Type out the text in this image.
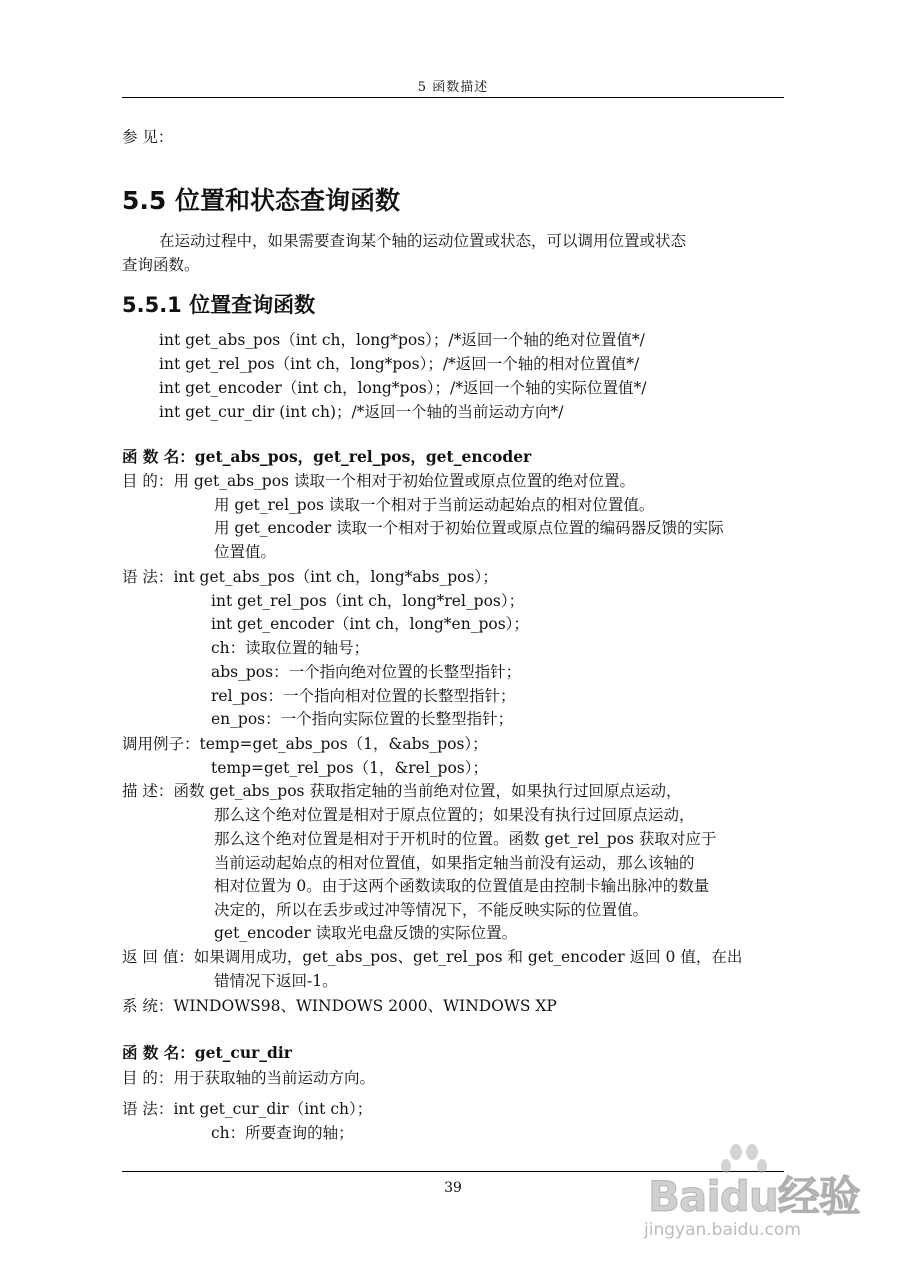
5 函数描述
参 见：
5.5 位置和状态查询函数
在运动过程中，如果需要查询某个轴的运动位置或状态，可以调用位置或状态
查询函数。
5.5.1 位置查询函数
int get_abs_pos（int ch，long*pos）；/*返回一个轴的绝对位置值*/
int get_rel_pos（int ch，long*pos）；/*返回一个轴的相对位置值*/
int get_encoder（int ch，long*pos）；/*返回一个轴的实际位置值*/
int get_cur_dir (int ch)；/*返回一个轴的当前运动方向*/
函 数 名：get_abs_pos，get_rel_pos，get_encoder
目 的：用 get_abs_pos 读取一个相对于初始位置或原点位置的绝对位置。
用 get_rel_pos 读取一个相对于当前运动起始点的相对位置值。
用 get_encoder 读取一个相对于初始位置或原点位置的编码器反馈的实际
位置值。
语 法：int get_abs_pos（int ch，long*abs_pos）；
int get_rel_pos（int ch，long*rel_pos）；
int get_encoder（int ch，long*en_pos）；
ch：读取位置的轴号；
abs_pos：一个指向绝对位置的长整型指针；
rel_pos：一个指向相对位置的长整型指针；
en_pos：一个指向实际位置的长整型指针；
调用例子：temp=get_abs_pos（1，&abs_pos）；
temp=get_rel_pos（1，&rel_pos）；
描 述：函数 get_abs_pos 获取指定轴的当前绝对位置，如果执行过回原点运动，
那么这个绝对位置是相对于原点位置的；如果没有执行过回原点运动，
那么这个绝对位置是相对于开机时的位置。函数 get_rel_pos 获取对应于
当前运动起始点的相对位置值，如果指定轴当前没有运动，那么该轴的
相对位置为 0。由于这两个函数读取的位置值是由控制卡输出脉冲的数量
决定的，所以在丢步或过冲等情况下，不能反映实际的位置值。
get_encoder 读取光电盘反馈的实际位置。
返 回 值：如果调用成功，get_abs_pos、get_rel_pos 和 get_encoder 返回 0 值，在出
错情况下返回-1。
系 统：WINDOWS98、WINDOWS 2000、WINDOWS XP
函 数 名：get_cur_dir
目 的：用于获取轴的当前运动方向。
语 法：int get_cur_dir（int ch）；
ch：所要查询的轴；
39	Baidu经验
jingyan.baidu.com
